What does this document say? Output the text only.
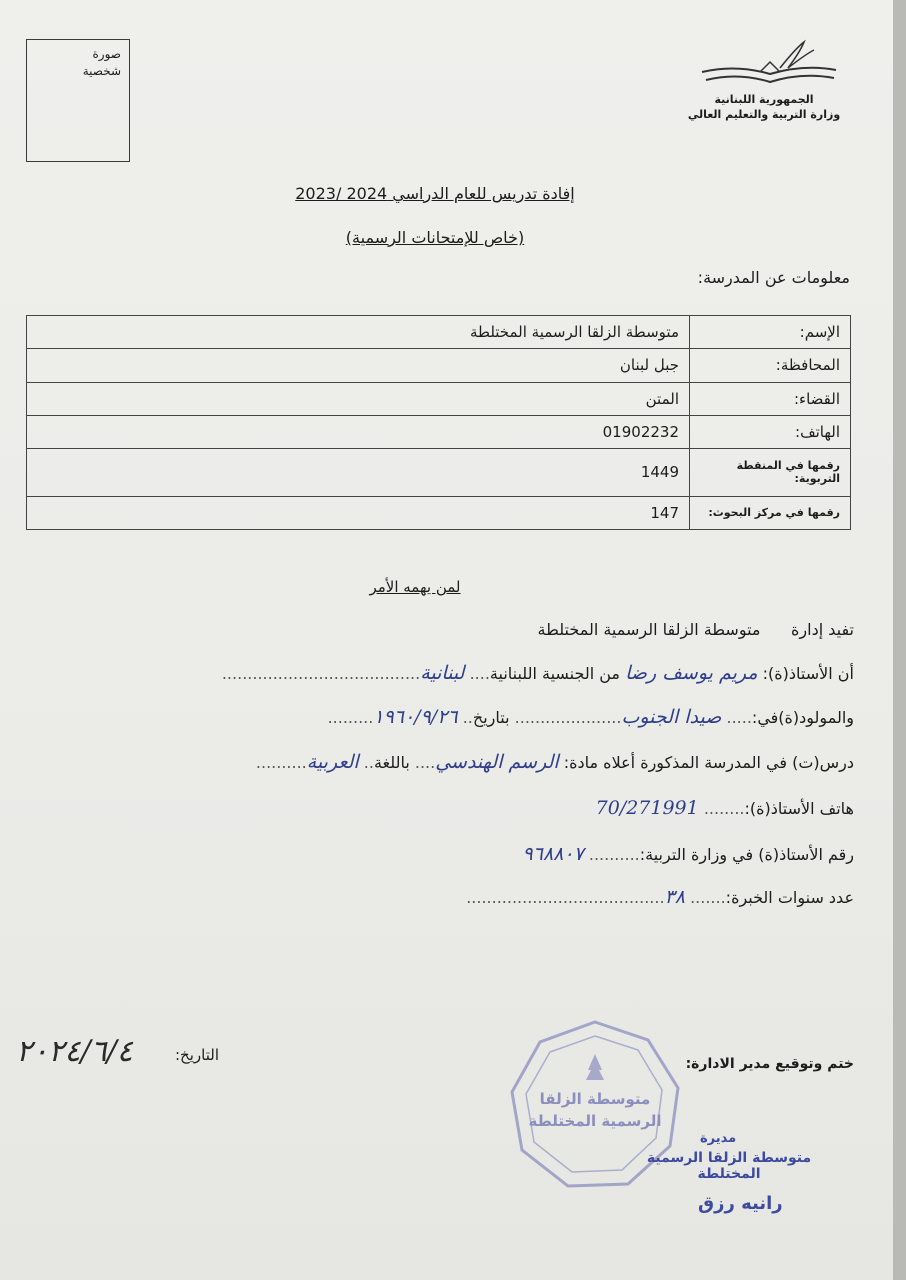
صورة
شخصية
الجمهورية اللبنانية
وزارة التربية والتعليم العالي
إفادة تدريس للعام الدراسي 2024 /2023
(خاص للإمتحانات الرسمية)
معلومات عن المدرسة:
الإسم:	متوسطة الزلقا الرسمية المختلطة
المحافظة:	جبل لبنان
القضاء:	المتن
الهاتف:	01902232
رقمها في المنقطة التربوية:	1449
رقمها في مركز البحوث:	147
لمن يهمه الأمر
تفيد إدارة      متوسطة الزلقا الرسمية المختلطة
أن الأستاذ(ة): مريم يوسف رضا من الجنسية اللبنانية.... لبنانية.......................................
والمولود(ة)في:..... صيدا الجنوب..................... بتاريخ.. ١٩٦٠/٩/٢٦.........
درس(ت) في المدرسة المذكورة أعلاه مادة: الرسم الهندسي.... باللغة.. العربية..........
هاتف الأستاذ(ة):........ 70/271991
رقم الأستاذ(ة) في وزارة التربية:.......... ٩٦٨٨٠٧
عدد سنوات الخبرة:....... ٣٨.......................................
ختم وتوقيع مدير الادارة:
التاريخ:
٢٠٢٤/٦/٤
متوسطة الزلقا الرسمية المختلطة
مديرة
متوسطة الزلقا الرسمية المختلطة
رانيه رزق
